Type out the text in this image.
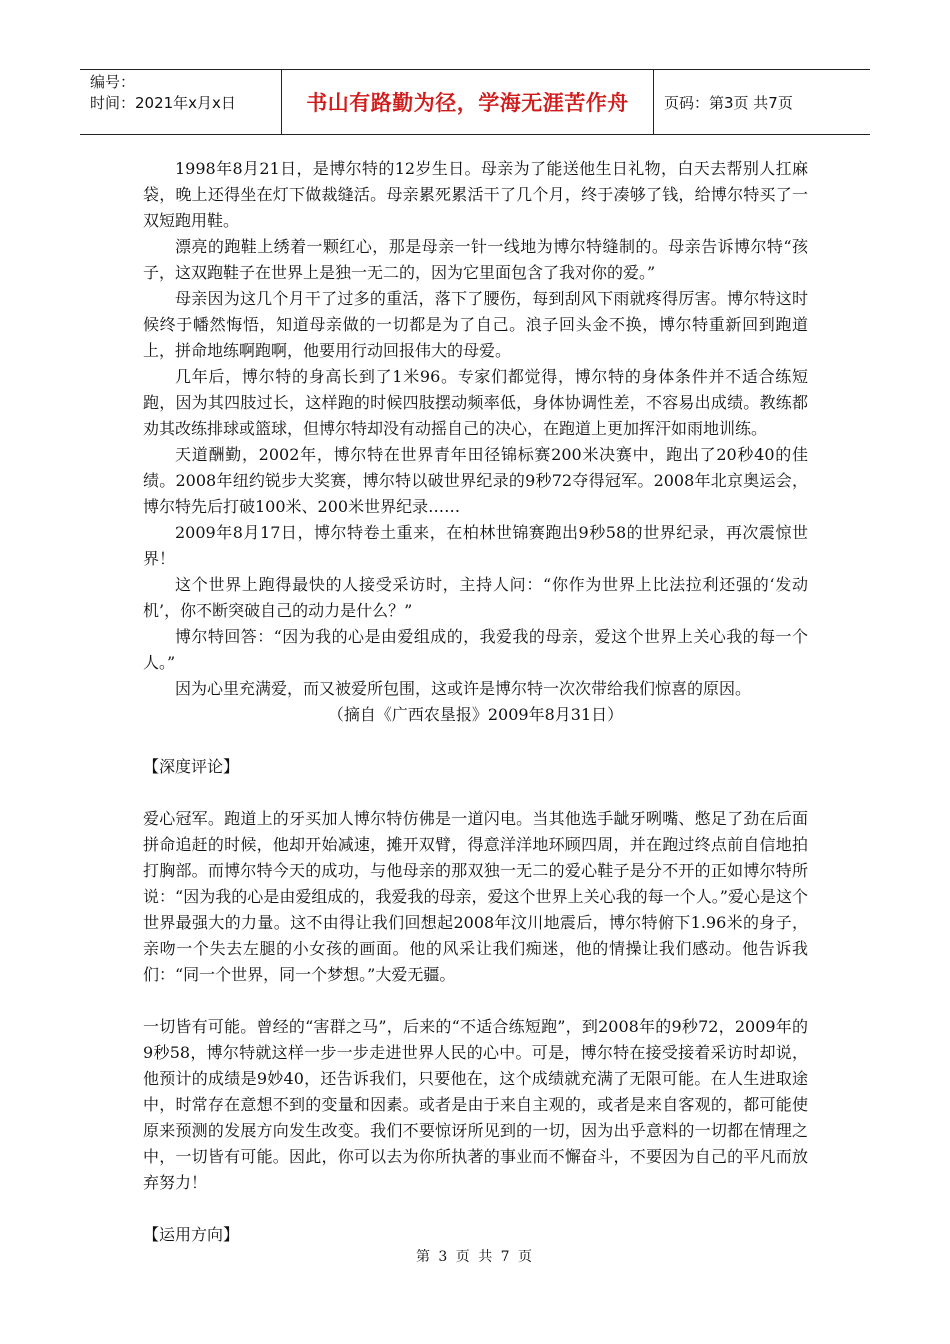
编号：
时间：2021年x月x日	书山有路勤为径，学海无涯苦作舟	页码：第3页 共7页

1998年8月21日，是博尔特的12岁生日。母亲为了能送他生日礼物，白天去帮别人扛麻袋，晚上还得坐在灯下做裁缝活。母亲累死累活干了几个月，终于凑够了钱，给博尔特买了一双短跑用鞋。

漂亮的跑鞋上绣着一颗红心，那是母亲一针一线地为博尔特缝制的。母亲告诉博尔特“孩子，这双跑鞋子在世界上是独一无二的，因为它里面包含了我对你的爱。”

母亲因为这几个月干了过多的重活，落下了腰伤，每到刮风下雨就疼得厉害。博尔特这时候终于幡然悔悟，知道母亲做的一切都是为了自己。浪子回头金不换，博尔特重新回到跑道上，拼命地练啊跑啊，他要用行动回报伟大的母爱。

几年后，博尔特的身高长到了1米96。专家们都觉得，博尔特的身体条件并不适合练短跑，因为其四肢过长，这样跑的时候四肢摆动频率低，身体协调性差，不容易出成绩。教练都劝其改练排球或篮球，但博尔特却没有动摇自己的决心，在跑道上更加挥汗如雨地训练。

天道酬勤，2002年，博尔特在世界青年田径锦标赛200米决赛中，跑出了20秒40的佳绩。2008年纽约锐步大奖赛，博尔特以破世界纪录的9秒72夺得冠军。2008年北京奥运会，博尔特先后打破100米、200米世界纪录……

2009年8月17日，博尔特卷土重来，在柏林世锦赛跑出9秒58的世界纪录，再次震惊世界！

这个世界上跑得最快的人接受采访时，主持人问：“你作为世界上比法拉利还强的‘发动机’，你不断突破自己的动力是什么？”

博尔特回答：“因为我的心是由爱组成的，我爱我的母亲，爱这个世界上关心我的每一个人。”

因为心里充满爱，而又被爱所包围，这或许是博尔特一次次带给我们惊喜的原因。

（摘自《广西农垦报》2009年8月31日）

【深度评论】

爱心冠军。跑道上的牙买加人博尔特仿佛是一道闪电。当其他选手龇牙咧嘴、憋足了劲在后面拼命追赶的时候，他却开始减速，摊开双臂，得意洋洋地环顾四周，并在跑过终点前自信地拍打胸部。而博尔特今天的成功，与他母亲的那双独一无二的爱心鞋子是分不开的正如博尔特所说：“因为我的心是由爱组成的，我爱我的母亲，爱这个世界上关心我的每一个人。”爱心是这个世界最强大的力量。这不由得让我们回想起2008年汶川地震后，博尔特俯下1.96米的身子，亲吻一个失去左腿的小女孩的画面。他的风采让我们痴迷，他的情操让我们感动。他告诉我们：“同一个世界，同一个梦想。”大爱无疆。

一切皆有可能。曾经的“害群之马”，后来的“不适合练短跑”，到2008年的9秒72，2009年的9秒58，博尔特就这样一步一步走进世界人民的心中。可是，博尔特在接受接着采访时却说，他预计的成绩是9妙40，还告诉我们，只要他在，这个成绩就充满了无限可能。在人生进取途中，时常存在意想不到的变量和因素。或者是由于来自主观的，或者是来自客观的，都可能使原来预测的发展方向发生改变。我们不要惊讶所见到的一切，因为出乎意料的一切都在情理之中，一切皆有可能。因此，你可以去为你所执著的事业而不懈奋斗，不要因为自己的平凡而放弃努力！

【运用方向】

第 3 页 共 7 页
